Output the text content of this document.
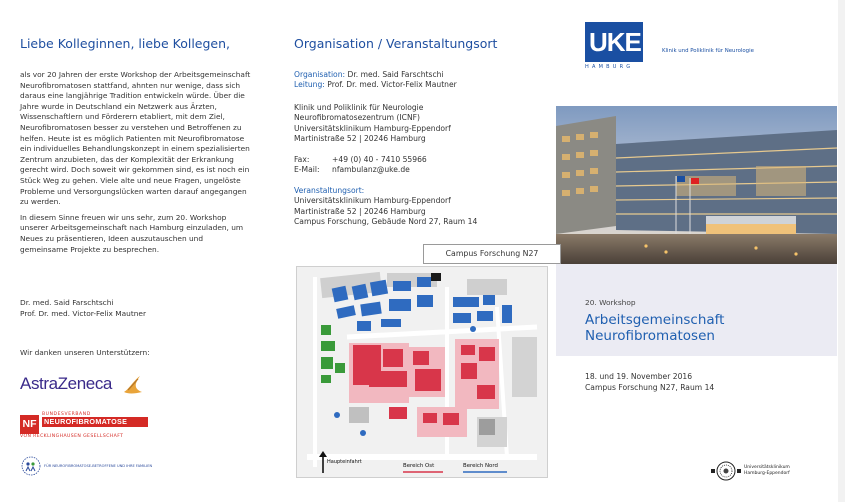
Liebe Kolleginnen, liebe Kollegen,

als vor 20 Jahren der erste Workshop der Arbeitsgemeinschaft Neurofibromatosen stattfand, ahnten nur wenige, dass sich daraus eine langjährige Tradition entwickeln würde. Über die Jahre wurde in Deutschland ein Netzwerk aus Ärzten, Wissenschaftlern und Förderern etabliert, mit dem Ziel, Neurofibromatosen besser zu verstehen und Betroffenen zu helfen. Heute ist es möglich Patienten mit Neurofibromatose ein individuelles Behandlungskonzept in einem spezialisierten Zentrum anzubieten, das der Komplexität der Erkrankung gerecht wird. Doch soweit wir gekommen sind, es ist noch ein Stück Weg zu gehen. Viele alte und neue Fragen, ungelöste Probleme und Versorgungslücken warten darauf angegangen zu werden.

In diesem Sinne freuen wir uns sehr, zum 20. Workshop unserer Arbeitsgemeinschaft nach Hamburg einzuladen, um Neues zu präsentieren, Ideen auszutauschen und gemeinsame Projekte zu besprechen.

Dr. med. Said Farschtschi
Prof. Dr. med. Victor-Felix Mautner
Wir danken unseren Unterstützern:
AstraZeneca
NF
BUNDESVERBAND
NEUROFIBROMATOSE
VON RECKLINGHAUSEN GESELLSCHAFT
FÜR NEUROFIBROMATOSE-BETROFFENE UND IHRE FAMILIEN
Organisation / Veranstaltungsort
Organisation: Dr. med. Said Farschtschi
Leitung: Prof. Dr. med. Victor-Felix Mautner
Klinik und Poliklinik für Neurologie
Neurofibromatosezentrum (ICNF)
Universitätsklinikum Hamburg-Eppendorf
Martinistraße 52 | 20246 Hamburg
Fax:	+49 (0) 40 - 7410 55966
E-Mail:	nfambulanz@uke.de
Veranstaltungsort:
Universitätsklinikum Hamburg-Eppendorf
Martinistraße 52 | 20246 Hamburg
Campus Forschung, Gebäude Nord 27, Raum 14
Haupteinfahrt
Bereich Ost	Bereich Nord
Campus Forschung N27
UKE
HAMBURG
Klinik und Poliklinik für Neurologie
20. Workshop
Arbeitsgemeinschaft
Neurofibromatosen
18. und 19. November 2016
Campus Forschung N27, Raum 14
Universitätsklinikum
Hamburg-Eppendorf
